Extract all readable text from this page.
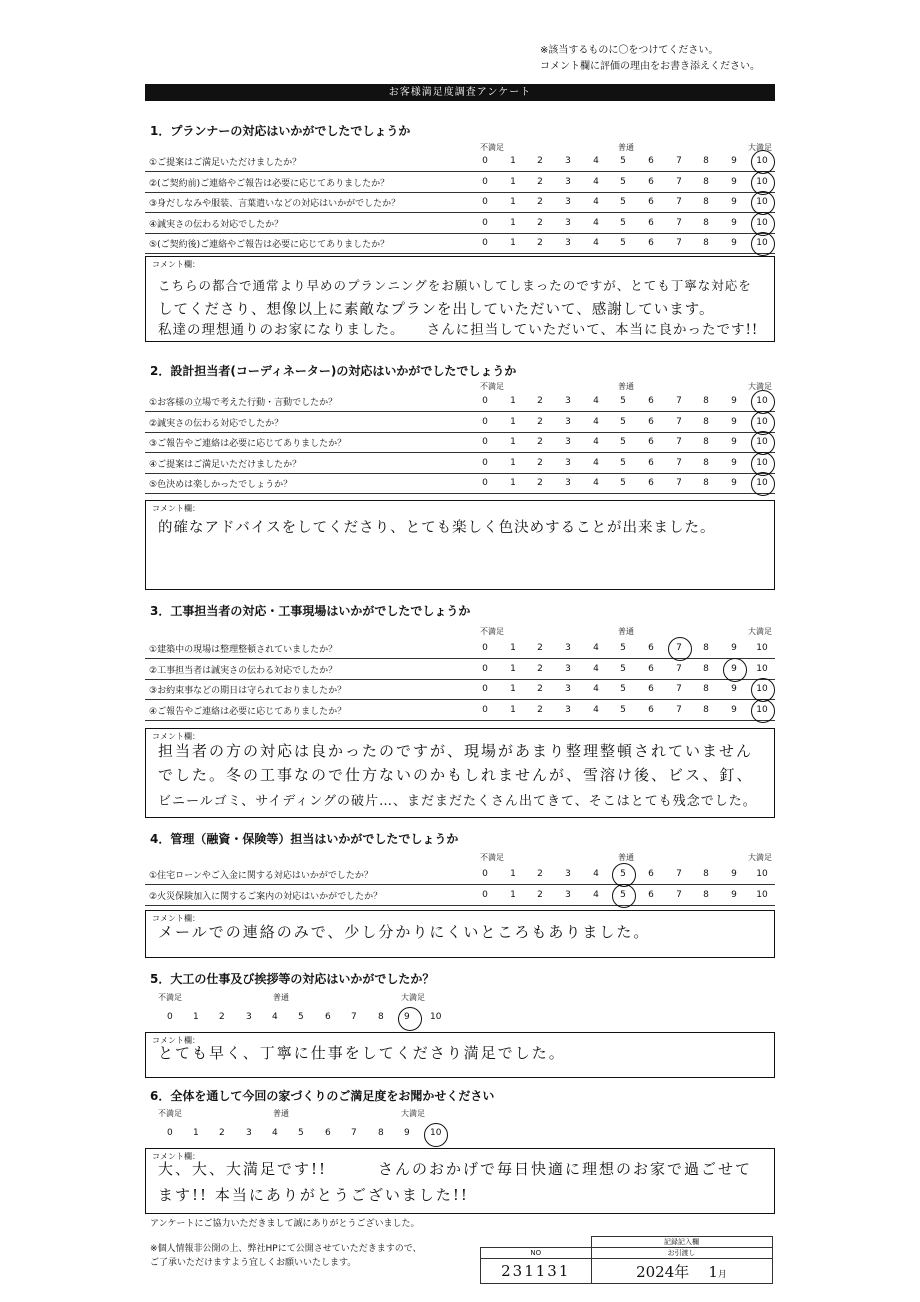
※該当するものに〇をつけてください。
コメント欄に評価の理由をお書き添えください。
お客様満足度調査アンケート
1．プランナーの対応はいかがでしたでしょうか
不満足	普通	大満足
①ご提案はご満足いただけましたか？	0	1	2	3	4	5	6	7	8	9	10
②(ご契約前)ご連絡やご報告は必要に応じてありましたか？	0	1	2	3	4	5	6	7	8	9	10
③身だしなみや服装、言葉遣いなどの対応はいかがでしたか？	0	1	2	3	4	5	6	7	8	9	10
④誠実さの伝わる対応でしたか？	0	1	2	3	4	5	6	7	8	9	10
⑤(ご契約後)ご連絡やご報告は必要に応じてありましたか？	0	1	2	3	4	5	6	7	8	9	10
コメント欄：
こちらの都合で通常より早めのプランニングをお願いしてしまったのですが、とても丁寧な対応を
してくださり、想像以上に素敵なプランを出していただいて、感謝しています。
私達の理想通りのお家になりました。　　さんに担当していただいて、本当に良かったです!!
2．設計担当者(コーディネーター)の対応はいかがでしたでしょうか
不満足	普通	大満足
①お客様の立場で考えた行動・言動でしたか？	0	1	2	3	4	5	6	7	8	9	10
②誠実さの伝わる対応でしたか？	0	1	2	3	4	5	6	7	8	9	10
③ご報告やご連絡は必要に応じてありましたか？	0	1	2	3	4	5	6	7	8	9	10
④ご提案はご満足いただけましたか？	0	1	2	3	4	5	6	7	8	9	10
⑤色決めは楽しかったでしょうか？	0	1	2	3	4	5	6	7	8	9	10
コメント欄：
的確なアドバイスをしてくださり、とても楽しく色決めすることが出来ました。
3．工事担当者の対応・工事現場はいかがでしたでしょうか
不満足	普通	大満足
①建築中の現場は整理整頓されていましたか？	0	1	2	3	4	5	6	7	8	9	10
②工事担当者は誠実さの伝わる対応でしたか？	0	1	2	3	4	5	6	7	8	9	10
③お約束事などの期日は守られておりましたか？	0	1	2	3	4	5	6	7	8	9	10
④ご報告やご連絡は必要に応じてありましたか？	0	1	2	3	4	5	6	7	8	9	10
コメント欄：
担当者の方の対応は良かったのですが、現場があまり整理整頓されていません
でした。冬の工事なので仕方ないのかもしれませんが、雪溶け後、ビス、釘、
ビニールゴミ、サイディングの破片…、まだまだたくさん出てきて、そこはとても残念でした。
4．管理（融資・保険等）担当はいかがでしたでしょうか
不満足	普通	大満足
①住宅ローンやご入金に関する対応はいかがでしたか？	0	1	2	3	4	5	6	7	8	9	10
②火災保険加入に関するご案内の対応はいかがでしたか？	0	1	2	3	4	5	6	7	8	9	10
コメント欄：
メールでの連絡のみで、少し分かりにくいところもありました。
5．大工の仕事及び挨拶等の対応はいかがでしたか？
不満足	普通	大満足
0 1 2 3 4 5 6 7 8 9 10
コメント欄：
とても早く、丁寧に仕事をしてくださり満足でした。
6．全体を通して今回の家づくりのご満足度をお聞かせください
不満足	普通	大満足
0 1 2 3 4 5 6 7 8 9 10
コメント欄：
大、大、大満足です!!　　　さんのおかげで毎日快適に理想のお家で過ごせて
ます!! 本当にありがとうございました!!
アンケートにご協力いただきまして誠にありがとうございました。
※個人情報非公開の上、弊社HPにて公開させていただきますので、
ご了承いただけますよう宜しくお願いいたします。
	記録記入欄
NO	お引渡し
231131	2024年 1月
